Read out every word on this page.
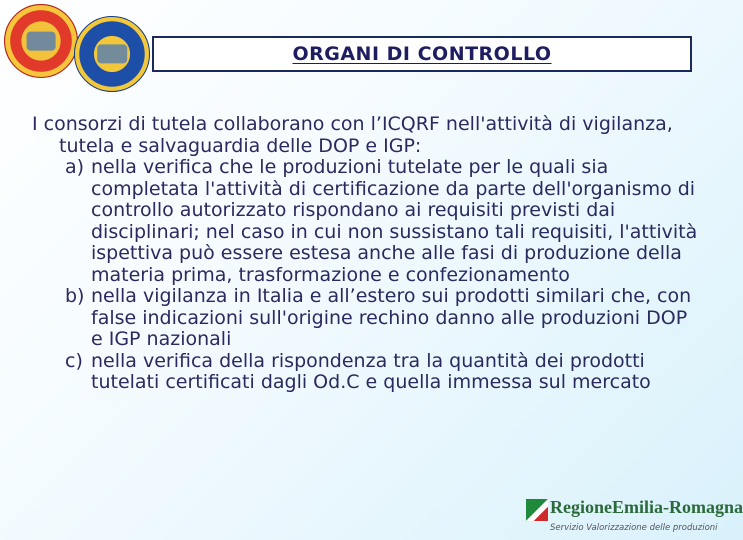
ORGANI DI CONTROLLO

I consorzi di tutela collaborano con l’ICQRF nell'attività di vigilanza, tutela e salvaguardia delle DOP e IGP:

a) nella verifica che le produzioni tutelate per le quali sia completata l'attività di certificazione da parte dell'organismo di controllo autorizzato rispondano ai requisiti previsti dai disciplinari; nel caso in cui non sussistano tali requisiti, l'attività ispettiva può essere estesa anche alle fasi di produzione della materia prima, trasformazione e confezionamento

b) nella vigilanza in Italia e all’estero sui prodotti similari che, con false indicazioni sull'origine rechino danno alle produzioni DOP e IGP nazionali

c) nella verifica della rispondenza tra la quantità dei prodotti tutelati certificati dagli Od.C e quella immessa sul mercato

RegioneEmilia-Romagna
Servizio Valorizzazione delle produzioni
